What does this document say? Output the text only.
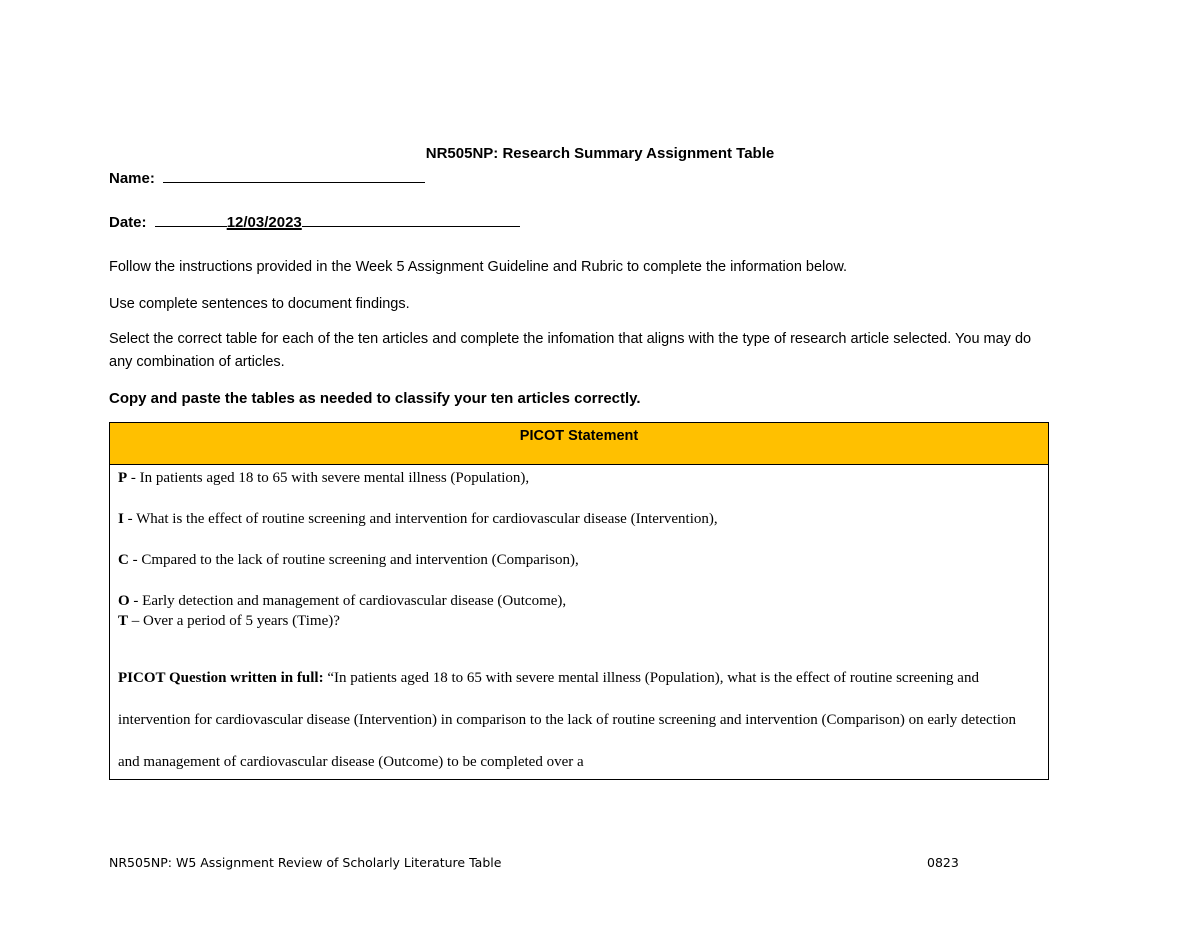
NR505NP: Research Summary Assignment Table
Name:
Date:	12/03/2023
Follow the instructions provided in the Week 5 Assignment Guideline and Rubric to complete the information below.
Use complete sentences to document findings.
Select the correct table for each of the ten articles and complete the infomation that aligns with the type of research article selected. You may do any combination of articles.
Copy and paste the tables as needed to classify your ten articles correctly.
PICOT Statement

P - In patients aged 18 to 65 with severe mental illness (Population),

I - What is the effect of routine screening and intervention for cardiovascular disease (Intervention),

C - Cmpared to the lack of routine screening and intervention (Comparison),

O - Early detection and management of cardiovascular disease (Outcome),

T – Over a period of 5 years (Time)?

PICOT Question written in full: “In patients aged 18 to 65 with severe mental illness (Population), what is the effect of routine screening and intervention for cardiovascular disease (Intervention) in comparison to the lack of routine screening and intervention (Comparison) on early detection and management of cardiovascular disease (Outcome) to be completed over a

NR505NP: W5 Assignment Review of Scholarly Literature Table	0823
